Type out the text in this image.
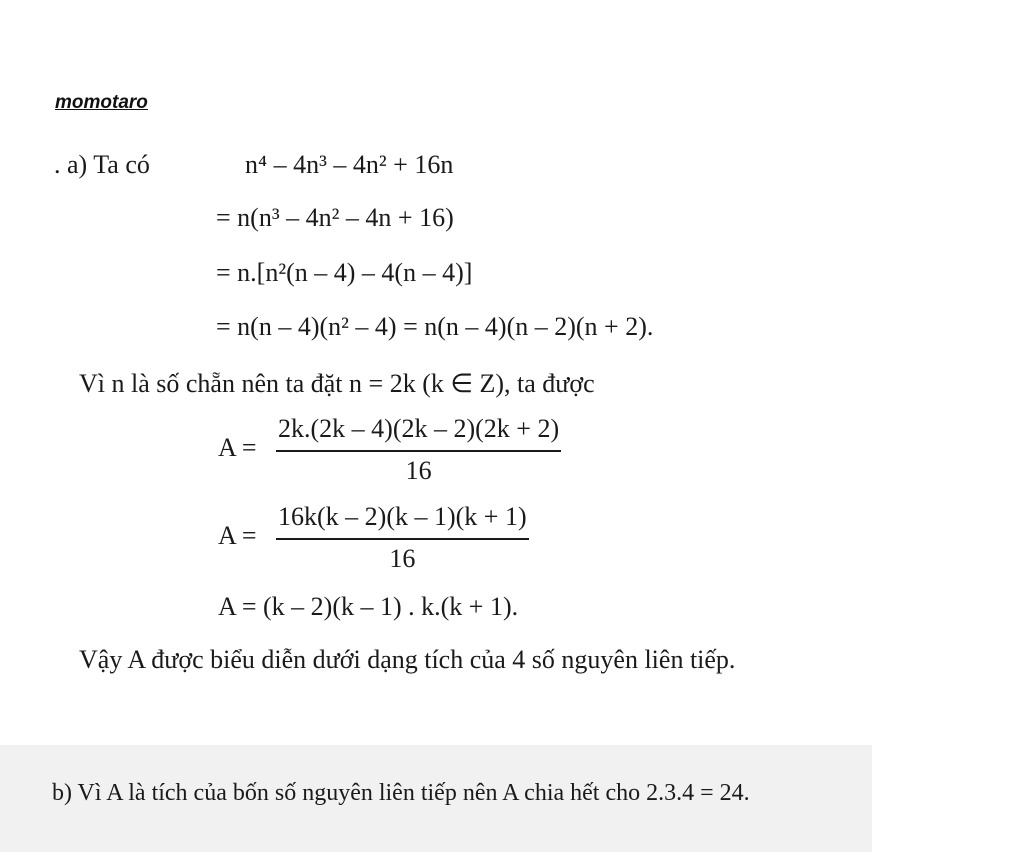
momotaro
. a) Ta có	n⁴ – 4n³ – 4n² + 16n
= n(n³ – 4n² – 4n + 16)
= n.[n²(n – 4) – 4(n – 4)]
= n(n – 4)(n² – 4) = n(n – 4)(n – 2)(n + 2).
Vì n là số chẵn nên ta đặt n = 2k (k ∈ Z), ta được
$A = \frac{2k.(2k - 4)(2k - 2)(2k + 2)}{16}$
$A = \frac{16k(k - 2)(k - 1)(k + 1)}{16}$
A = (k – 2)(k – 1) . k.(k + 1).
Vậy A được biểu diễn dưới dạng tích của 4 số nguyên liên tiếp.
b) Vì A là tích của bốn số nguyên liên tiếp nên A chia hết cho 2.3.4 = 24.
